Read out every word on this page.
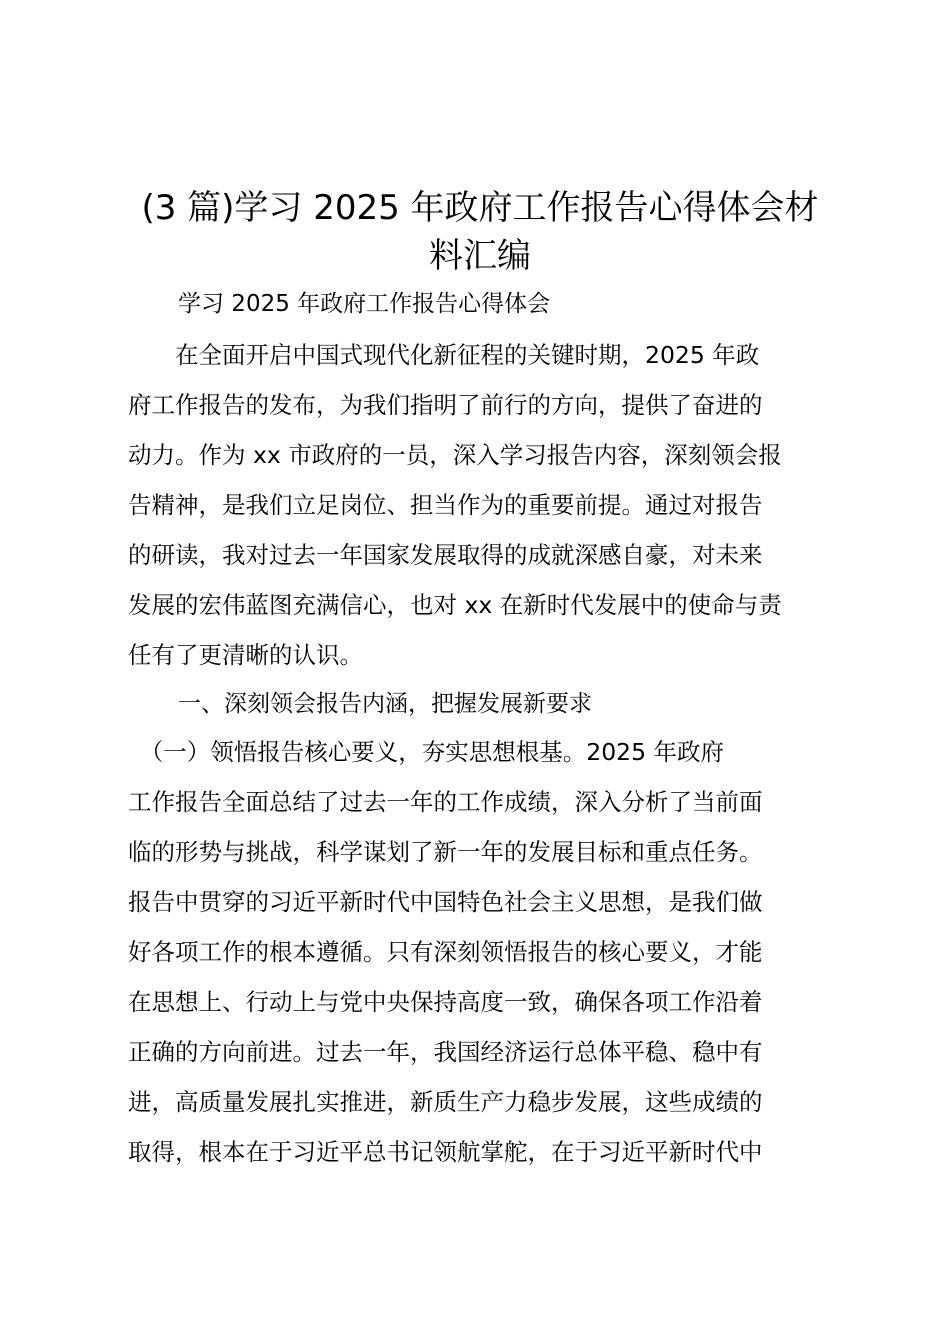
(3 篇)学习 2025 年政府工作报告心得体会材
料汇编

学习 2025 年政府工作报告心得体会

　　在全面开启中国式现代化新征程的关键时期，2025 年政
府工作报告的发布，为我们指明了前行的方向，提供了奋进的
动力。作为 xx 市政府的一员，深入学习报告内容，深刻领会报
告精神，是我们立足岗位、担当作为的重要前提。通过对报告
的研读，我对过去一年国家发展取得的成就深感自豪，对未来
发展的宏伟蓝图充满信心，也对 xx 在新时代发展中的使命与责
任有了更清晰的认识。

一、深刻领会报告内涵，把握发展新要求

　（一）领悟报告核心要义，夯实思想根基。2025 年政府
工作报告全面总结了过去一年的工作成绩，深入分析了当前面
临的形势与挑战，科学谋划了新一年的发展目标和重点任务。
报告中贯穿的习近平新时代中国特色社会主义思想，是我们做
好各项工作的根本遵循。只有深刻领悟报告的核心要义，才能
在思想上、行动上与党中央保持高度一致，确保各项工作沿着
正确的方向前进。过去一年，我国经济运行总体平稳、稳中有
进，高质量发展扎实推进，新质生产力稳步发展，这些成绩的
取得，根本在于习近平总书记领航掌舵，在于习近平新时代中
